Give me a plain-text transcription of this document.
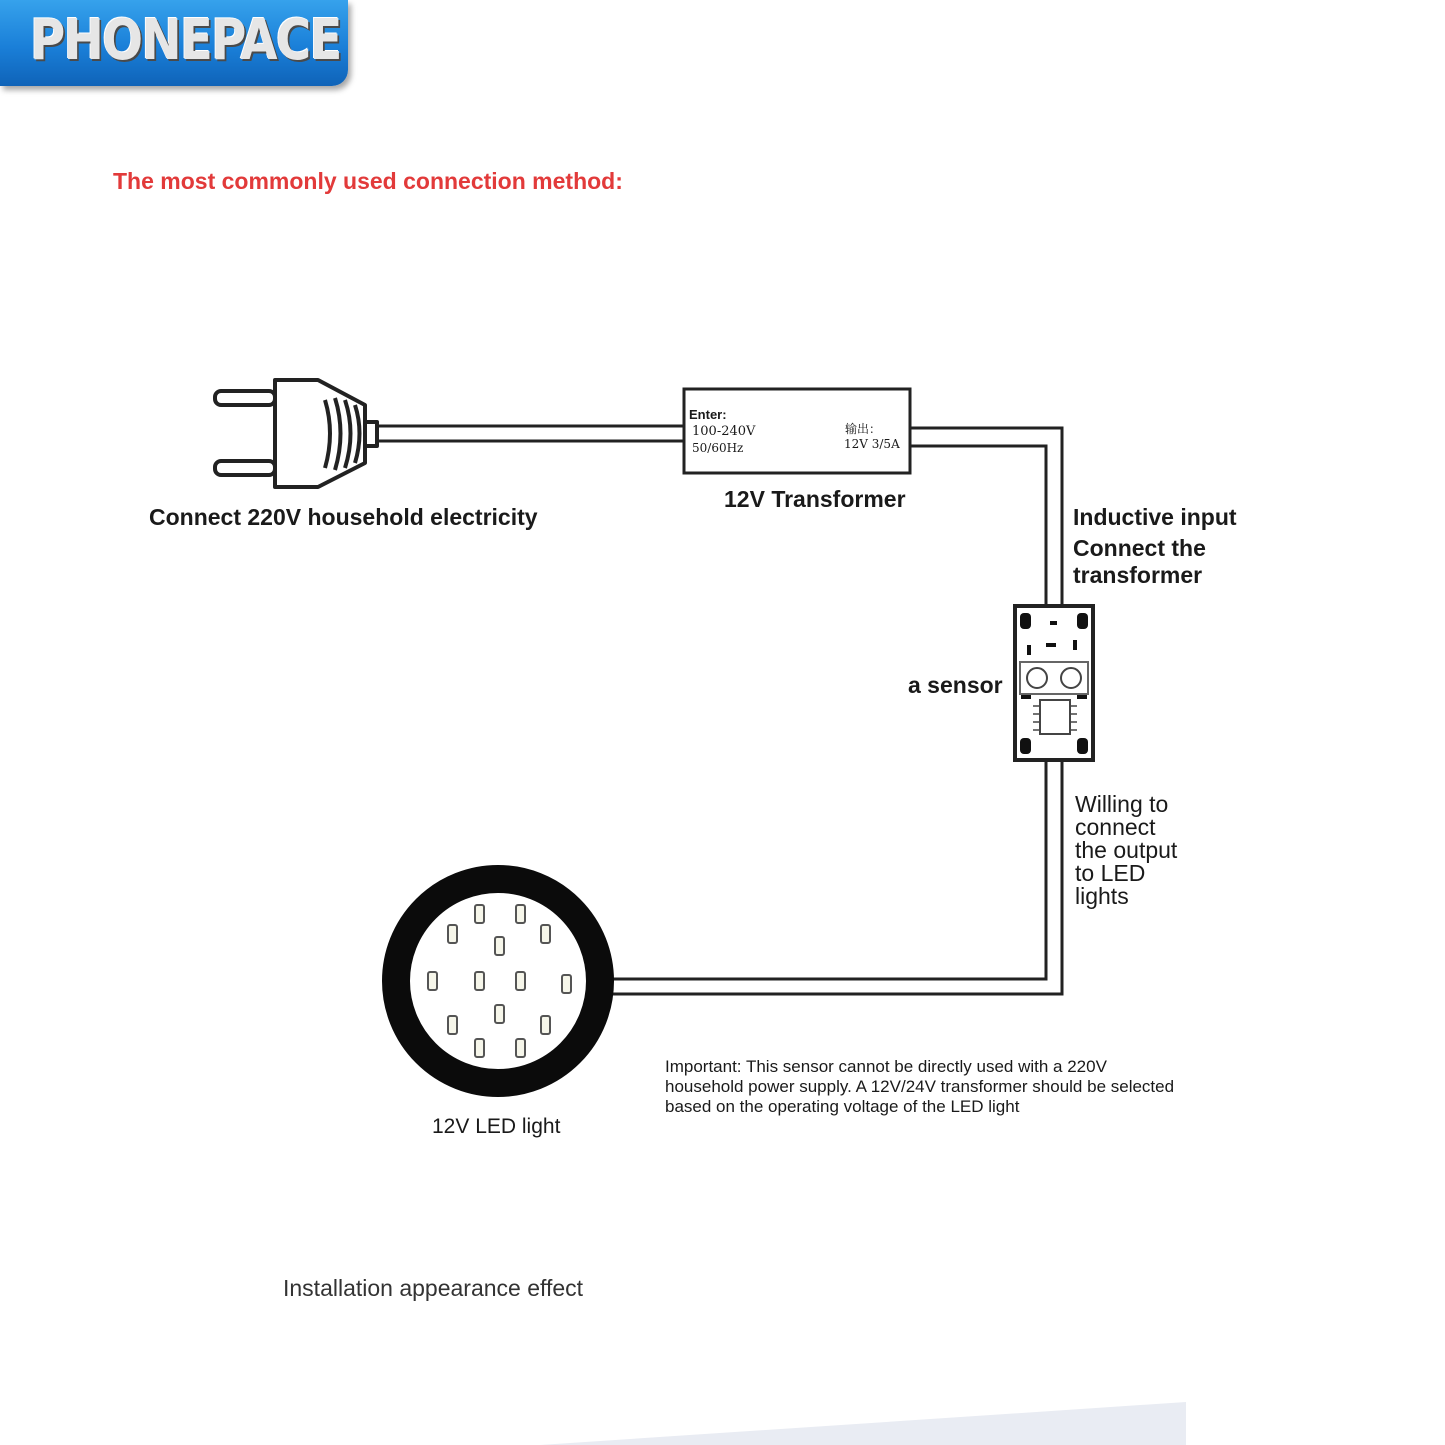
PHONEPACE
The most commonly used connection method:
Enter:
100-240V
50/60Hz
输出：
12V 3/5A
Connect 220V household electricity
12V Transformer
Inductive input
Connect the
transformer
a sensor
Willing to
connect
the output
to LED
lights
12V LED light
Important: This sensor cannot be directly used with a 220V household power supply. A 12V/24V transformer should be selected based on the operating voltage of the LED light
Installation appearance effect
